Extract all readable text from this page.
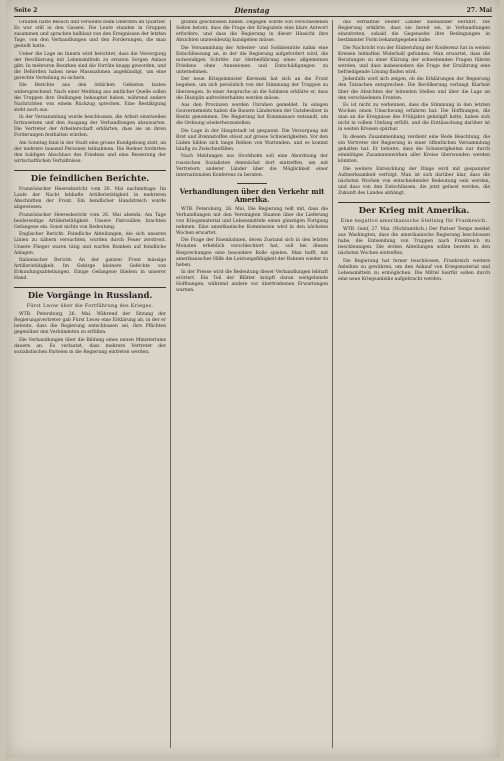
Seite 2	Dienstag	27. Mai

Graufen hatte Besuch und verweilte beim Obersten im Quartier. Es war still in den Gassen. Die Leute standen in Gruppen zusammen und sprachen halblaut von den Ereignissen der letzten Tage, von den Verhandlungen und den Forderungen, die man gestellt hatte.

Ueber die Lage im Innern wird berichtet, dass die Versorgung der Bevölkerung mit Lebensmitteln zu ernsten Sorgen Anlass gibt. In mehreren Bezirken sind die Vorräte knapp geworden, und die Behörden haben neue Massnahmen angekündigt, um eine gerechte Verteilung zu sichern.

Die Berichte aus den östlichen Gebieten lauten widersprechend. Nach einer Meldung aus amtlicher Quelle sollen die Truppen ihre Stellungen behauptet haben, während andere Nachrichten von einem Rückzug sprechen. Eine Bestätigung steht noch aus.

In der Versammlung wurde beschlossen, die Arbeit einstweilen fortzusetzen und den Ausgang der Verhandlungen abzuwarten. Die Vertreter der Arbeiterschaft erklärten, dass sie an ihren Forderungen festhalten würden.

Am Sonntag fand in der Stadt eine grosse Kundgebung statt, an der mehrere tausend Personen teilnahmen. Die Redner forderten den baldigen Abschluss des Friedens und eine Besserung der wirtschaftlichen Verhältnisse.

Die feindlichen Berichte.

Französischer Heeresbericht vom 26. Mai nachmittags: Im Laufe der Nacht lebhafte Artillerietätigkeit in mehreren Abschnitten der Front. Ein feindlicher Handstreich wurde abgewiesen.

Französischer Heeresbericht vom 26. Mai abends: Am Tage beiderseitige Artillerietätigkeit. Unsere Patrouillen brachten Gefangene ein. Sonst nichts von Bedeutung.

Englischer Bericht: Feindliche Abteilungen, die sich unseren Linien zu nähern versuchten, wurden durch Feuer zerstreut. Unsere Flieger waren tätig und warfen Bomben auf feindliche Anlagen.

Italienischer Bericht: An der ganzen Front mässige Artillerietätigkeit. Im Gebirge kleinere Gefechte von Erkundungsabteilungen. Einige Gefangene blieben in unserer Hand.

Die Vorgänge in Russland.
Fürst Lwow über die Fortführung des Krieges.

WTB. Petersburg, 26. Mai. Während der Sitzung der Regierungsvertreter gab Fürst Lwow eine Erklärung ab, in der er betonte, dass die Regierung entschlossen sei, ihre Pflichten gegenüber den Verbündeten zu erfüllen.

Die Verhandlungen über die Bildung eines neuen Ministeriums dauern an. Es verlautet, dass mehrere Vertreter der sozialistischen Parteien in die Regierung eintreten werden.

gramm geschlossen haben. Dagegen wurde von verschiedenen Seiten betont, dass die Frage der Kriegsziele eine klare Antwort erfordere, und dass die Regierung in dieser Hinsicht ihre Absichten unzweideutig kundgeben müsse.

Die Versammlung der Arbeiter- und Soldatenräte nahm eine Entschliessung an, in der die Regierung aufgefordert wird, die notwendigen Schritte zur Herbeiführung eines allgemeinen Friedens ohne Annexionen und Entschädigungen zu unternehmen.

Der neue Kriegsminister Kerenski hat sich an die Front begeben, um sich persönlich von der Stimmung der Truppen zu überzeugen. In einer Ansprache an die Soldaten erklärte er, dass die Disziplin aufrechterhalten werden müsse.

Aus den Provinzen werden Unruhen gemeldet. In einigen Gouvernements haben die Bauern Ländereien der Gutsbesitzer in Besitz genommen. Die Regierung hat Kommissare entsandt, um die Ordnung wiederherzustellen.

Die Lage in der Hauptstadt ist gespannt. Die Versorgung mit Brot und Brennstoffen stösst auf grosse Schwierigkeiten. Vor den Läden bilden sich lange Reihen von Wartenden, und es kommt häufig zu Zwischenfällen.

Nach Meldungen aus Stockholm soll eine Abordnung der russischen Sozialisten demnächst dort eintreffen, um mit Vertretern anderer Länder über die Möglichkeit einer internationalen Konferenz zu beraten.

Verhandlungen über den Verkehr mit Amerika.

WTB. Petersburg, 26. Mai. Die Regierung teilt mit, dass die Verhandlungen mit den Vereinigten Staaten über die Lieferung von Kriegsmaterial und Lebensmitteln einen günstigen Fortgang nehmen. Eine amerikanische Kommission wird in den nächsten Wochen erwartet.

Die Frage der Eisenbahnen, deren Zustand sich in den letzten Monaten erheblich verschlechtert hat, soll bei diesen Besprechungen eine besondere Rolle spielen. Man hofft, mit amerikanischer Hilfe die Leistungsfähigkeit der Bahnen wieder zu heben.

In der Presse wird die Bedeutung dieser Verhandlungen lebhaft erörtert. Ein Teil der Blätter knüpft daran weitgehende Hoffnungen, während andere vor übertriebenen Erwartungen warnen.

das Verhältnis beider Länder zueinander berührt. Die Regierung erklärte, dass sie bereit sei, in Verhandlungen einzutreten, sobald die Gegenseite ihre Bedingungen in bestimmter Form bekanntgegeben habe.

Die Nachricht von der Einberufung der Konferenz hat in weiten Kreisen lebhaften Widerhall gefunden. Man erwartet, dass die Beratungen zu einer Klärung der schwebenden Fragen führen werden, und dass insbesondere die Frage der Ernährung eine befriedigende Lösung finden wird.

Jedenfalls wird sich zeigen, ob die Erklärungen der Regierung den Tatsachen entsprechen. Die Bevölkerung verlangt Klarheit über die Absichten der leitenden Stellen und über die Lage an den verschiedenen Fronten.

Es ist nicht zu verkennen, dass die Stimmung in den letzten Wochen einen Umschwung erfahren hat. Die Hoffnungen, die man an die Ereignisse des Frühjahrs geknüpft hatte, haben sich nicht in vollem Umfang erfüllt, und die Enttäuschung darüber ist in weiten Kreisen spürbar.

In diesem Zusammenhang verdient eine Rede Beachtung, die ein Vertreter der Regierung in einer öffentlichen Versammlung gehalten hat. Er betonte, dass die Schwierigkeiten nur durch einmütiges Zusammenwirken aller Kreise überwunden werden könnten.

Die weitere Entwicklung der Dinge wird mit gespannter Aufmerksamkeit verfolgt. Man ist sich darüber klar, dass die nächsten Wochen von entscheidender Bedeutung sein werden, und dass von den Entschlüssen, die jetzt gefasst werden, die Zukunft des Landes abhängt.

Der Krieg mit Amerika.
Eine negative amerikanische Stellung für Frankreich.

WTB. Genf, 27. Mai. (Nichtamtlich.) Der Pariser Temps meldet aus Washington, dass die amerikanische Regierung beschlossen habe, die Entsendung von Truppen nach Frankreich zu beschleunigen. Die ersten Abteilungen sollen bereits in den nächsten Wochen eintreffen.

Die Regierung hat ferner beschlossen, Frankreich weitere Anleihen zu gewähren, um den Ankauf von Kriegsmaterial und Lebensmitteln zu ermöglichen. Die Mittel hierfür sollen durch eine neue Kriegsanleihe aufgebracht werden.
